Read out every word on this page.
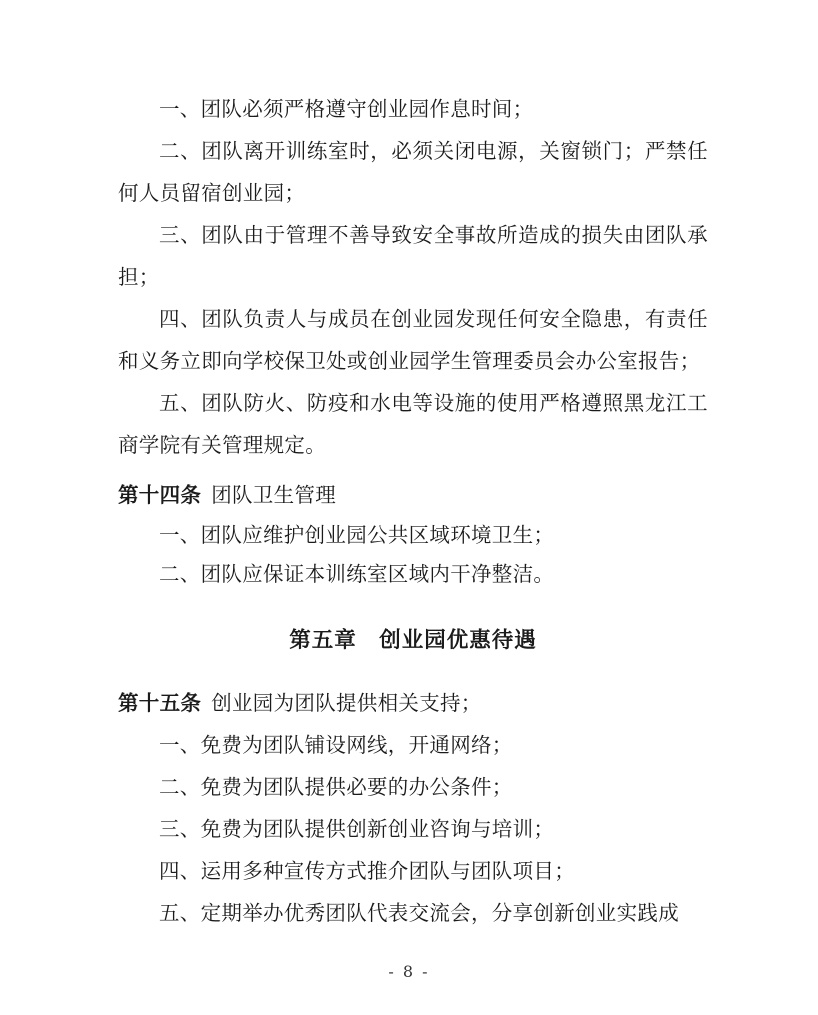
一、团队必须严格遵守创业园作息时间；

二、团队离开训练室时，必须关闭电源，关窗锁门；严禁任何人员留宿创业园；

三、团队由于管理不善导致安全事故所造成的损失由团队承担；

四、团队负责人与成员在创业园发现任何安全隐患，有责任和义务立即向学校保卫处或创业园学生管理委员会办公室报告；

五、团队防火、防疫和水电等设施的使用严格遵照黑龙江工商学院有关管理规定。

第十四条 团队卫生管理

一、团队应维护创业园公共区域环境卫生；

二、团队应保证本训练室区域内干净整洁。

第五章　创业园优惠待遇

第十五条 创业园为团队提供相关支持；

一、免费为团队铺设网线，开通网络；

二、免费为团队提供必要的办公条件；

三、免费为团队提供创新创业咨询与培训；

四、运用多种宣传方式推介团队与团队项目；

五、定期举办优秀团队代表交流会，分享创新创业实践成

- 8 -
